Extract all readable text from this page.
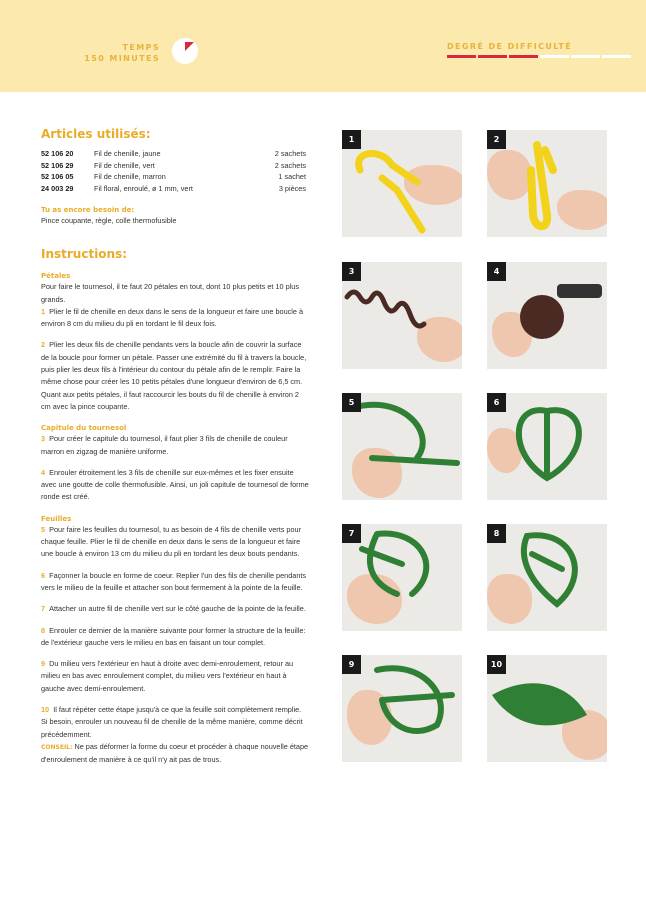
TEMPS
150 MINUTES
DEGRÉ DE DIFFICULTÉ
Articles utilisés:
52 106 20	Fil de chenille, jaune	2 sachets
52 106 29	Fil de chenille, vert	2 sachets
52 106 05	Fil de chenille, marron	1 sachet
24 003 29	Fil floral, enroulé, ø 1 mm, vert	3 pièces
Tu as encore besoin de:
Pince coupante, règle, colle thermofusible
Instructions:
Pétales
Pour faire le tournesol, il te faut 20 pétales en tout, dont 10 plus petits et 10 plus grands.
1 Plier le fil de chenille en deux dans le sens de la longueur et faire une boucle à environ 8 cm du milieu du pli en tordant le fil deux fois.
2 Plier les deux fils de chenille pendants vers la boucle afin de couvrir la surface de la boucle pour former un pétale. Passer une extrémité du fil à travers la boucle, puis plier les deux fils à l'intérieur du contour du pétale afin de le remplir. Faire la même chose pour créer les 10 petits pétales d'une longueur d'environ de 6,5 cm. Quant aux petits pétales, il faut raccourcir les bouts du fil de chenille à environ 2 cm avec la pince coupante.
Capitule du tournesol
3 Pour créer le capitule du tournesol, il faut plier 3 fils de chenille de couleur marron en zigzag de manière uniforme.
4 Enrouler étroitement les 3 fils de chenille sur eux-mêmes et les fixer ensuite avec une goutte de colle thermofusible. Ainsi, un joli capitule de tournesol de forme ronde est créé.
Feuilles
5 Pour faire les feuilles du tournesol, tu as besoin de 4 fils de chenille verts pour chaque feuille. Plier le fil de chenille en deux dans le sens de la longueur et faire une boucle à environ 13 cm du milieu du pli en tordant les deux bouts pendants.
6 Façonner la boucle en forme de coeur. Replier l'un des fils de chenille pendants vers le milieu de la feuille et attacher son bout fermement à la pointe de la feuille.
7 Attacher un autre fil de chenille vert sur le côté gauche de la pointe de la feuille.
8 Enrouler ce dernier de la manière suivante pour former la structure de la feuille: de l'extérieur gauche vers le milieu en bas en faisant un tour complet.
9 Du milieu vers l'extérieur en haut à droite avec demi-enroulement, retour au milieu en bas avec enroulement complet, du milieu vers l'extérieur en haut à gauche avec demi-enroulement.
10 Il faut répéter cette étape jusqu'à ce que la feuille soit complètement remplie. Si besoin, enrouler un nouveau fil de chenille de la même manière, comme décrit précédemment.
CONSEIL: Ne pas déformer la forme du coeur et procéder à chaque nouvelle étape d'enroulement de manière à ce qu'il n'y ait pas de trous.
1	2
3	4
5	6
7	8
9	10
